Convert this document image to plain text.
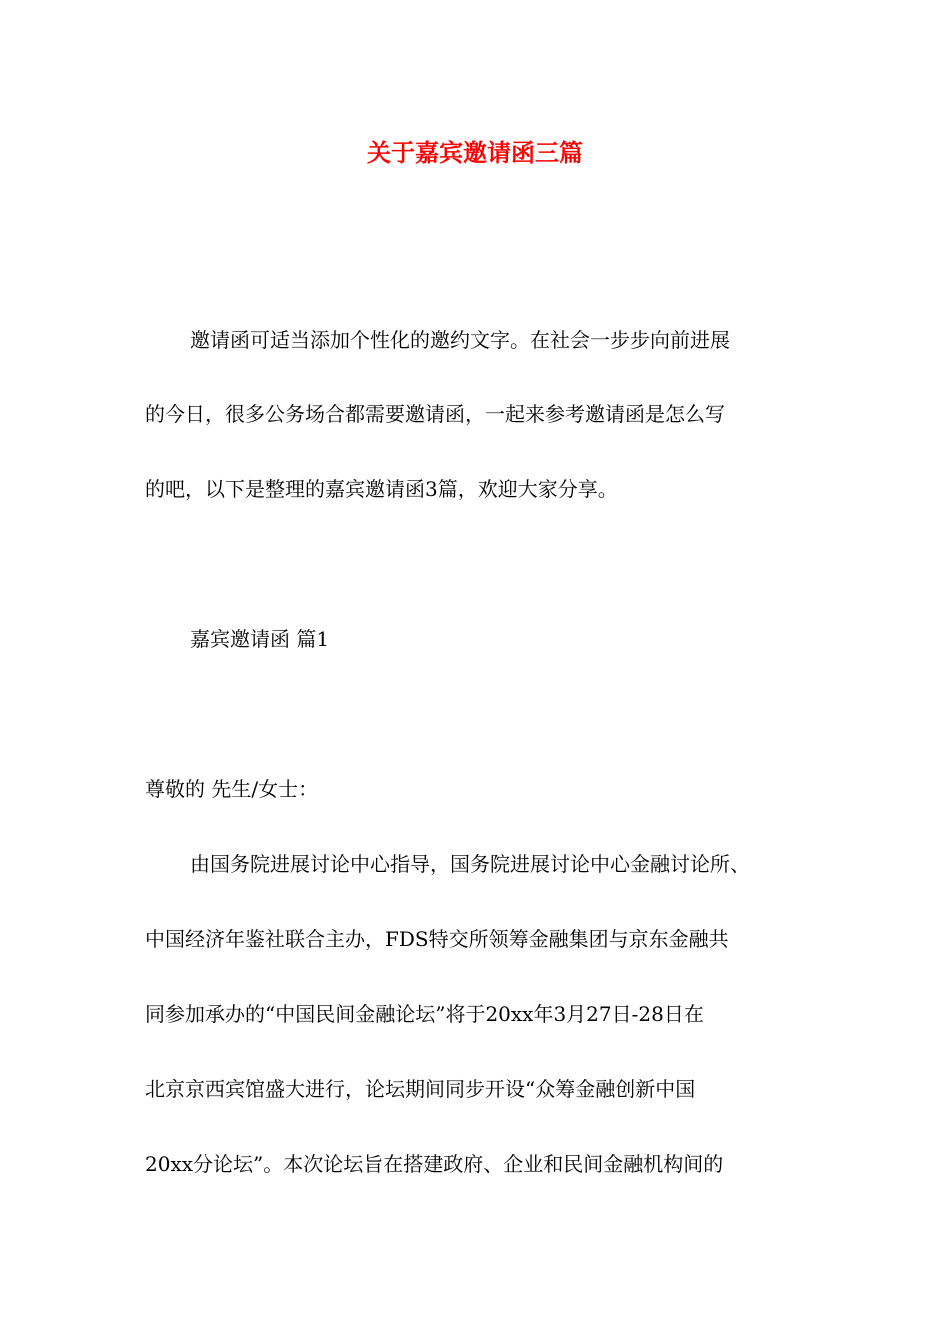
关于嘉宾邀请函三篇
邀请函可适当添加个性化的邀约文字。在社会一步步向前进展
的今日，很多公务场合都需要邀请函，一起来参考邀请函是怎么写
的吧，以下是整理的嘉宾邀请函3篇，欢迎大家分享。
嘉宾邀请函 篇1
尊敬的 先生/女士：
由国务院进展讨论中心指导，国务院进展讨论中心金融讨论所、
中国经济年鉴社联合主办，FDS特交所领筹金融集团与京东金融共
同参加承办的“中国民间金融论坛”将于20xx年3月27日-28日在
北京京西宾馆盛大进行，论坛期间同步开设“众筹金融创新中国
20xx分论坛”。本次论坛旨在搭建政府、企业和民间金融机构间的
